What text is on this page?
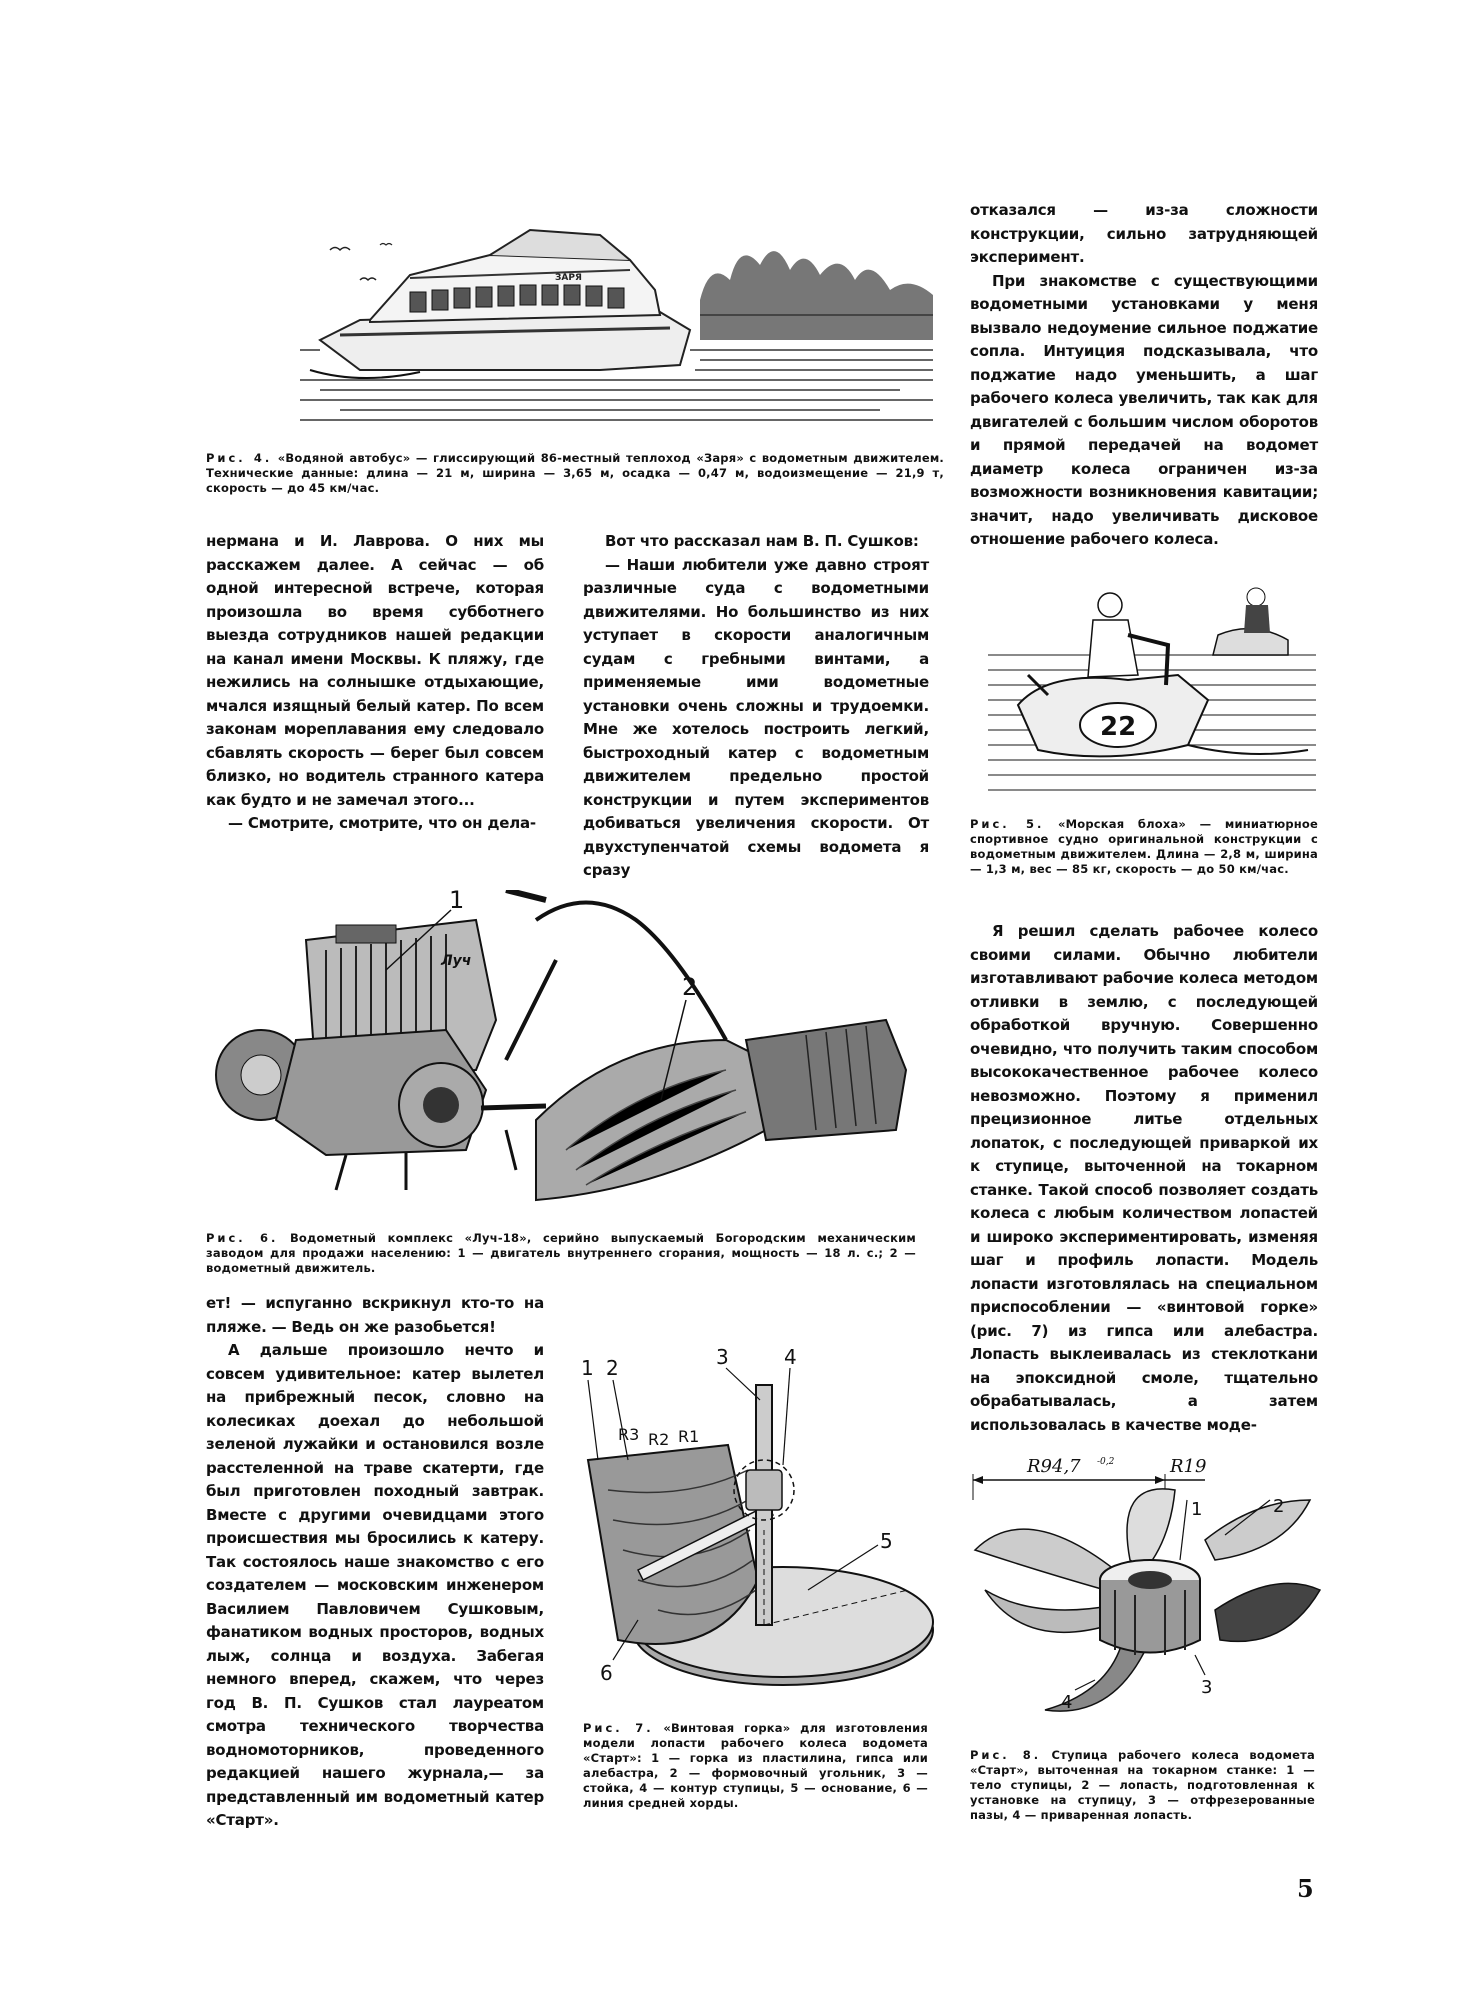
ЗАРЯ
Рис. 4. «Водяной автобус» — глиссирующий 86-местный теплоход «Заря» с водометным движителем. Технические данные: длина — 21 м, ширина — 3,65 м, осадка — 0,47 м, водоизмещение — 21,9 т, скорость — до 45 км/час.

нермана и И. Лаврова. О них мы расскажем далее. А сейчас — об одной интересной встрече, которая произошла во время субботнего выезда сотрудников нашей редакции на канал имени Москвы. К пляжу, где нежились на солнышке отдыхающие, мчался изящный белый катер. По всем законам мореплавания ему следовало сбавлять скорость — берег был совсем близко, но водитель странного катера как будто и не замечал этого...

— Смотрите, смотрите, что он дела-

Вот что рассказал нам В. П. Сушков:

— Наши любители уже давно строят различные суда с водометными движителями. Но большинство из них уступает в скорости аналогичным судам с гребными винтами, а применяемые ими водометные установки очень сложны и трудоемки. Мне же хотелось построить легкий, быстроходный катер с водометным движителем предельно простой конструкции и путем экспериментов добиваться увеличения скорости. От двухступенчатой схемы водомета я сразу

отказался — из-за сложности конструкции, сильно затрудняющей эксперимент.

При знакомстве с существующими водометными установками у меня вызвало недоумение сильное поджатие сопла. Интуиция подсказывала, что поджатие надо уменьшить, а шаг рабочего колеса увеличить, так как для двигателей с большим числом оборотов и прямой передачей на водомет диаметр колеса ограничен из-за возможности возникновения кавитации; значит, надо увеличивать дисковое отношение рабочего колеса.

22
Рис. 5. «Морская блоха» — миниатюрное спортивное судно оригинальной конструкции с водометным движителем. Длина — 2,8 м, ширина — 1,3 м, вес — 85 кг, скорость — до 50 км/час.
Луч
1
2
Рис. 6. Водометный комплекс «Луч-18», серийно выпускаемый Богородским механическим заводом для продажи населению: 1 — двигатель внутреннего сгорания, мощность — 18 л. с.; 2 — водометный движитель.

Я решил сделать рабочее колесо своими силами. Обычно любители изготавливают рабочие колеса методом отливки в землю, с последующей обработкой вручную. Совершенно очевидно, что получить таким способом высококачественное рабочее колесо невозможно. Поэтому я применил прецизионное литье отдельных лопаток, с последующей приваркой их к ступице, выточенной на токарном станке. Такой способ позволяет создать колеса с любым количеством лопастей и широко экспериментировать, изменяя шаг и профиль лопасти. Модель лопасти изготовлялась на специальном приспособлении — «винтовой горке» (рис. 7) из гипса или алебастра. Лопасть выклеивалась из стеклоткани на эпоксидной смоле, тщательно обрабатывалась, а затем использовалась в качестве моде-

ет! — испуганно вскрикнул кто-то на пляже. — Ведь он же разобьется!

А дальше произошло нечто и совсем удивительное: катер вылетел на прибрежный песок, словно на колесиках доехал до небольшой зеленой лужайки и остановился возле расстеленной на траве скатерти, где был приготовлен походный завтрак. Вместе с другими очевидцами этого происшествия мы бросились к катеру. Так состоялось наше знакомство с его создателем — московским инженером Василием Павловичем Сушковым, фанатиком водных просторов, водных лыж, солнца и воздуха. Забегая немного вперед, скажем, что через год В. П. Сушков стал лауреатом смотра технического творчества водномоторников, проведенного редакцией нашего журнала,— за представленный им водометный катер «Старт».

1 2	3	4
5
6
R3 R2 R1
Рис. 7. «Винтовая горка» для изготовления модели лопасти рабочего колеса водомета «Старт»: 1 — горка из пластилина, гипса или алебастра, 2 — формовочный угольник, 3 — стойка, 4 — контур ступицы, 5 — основание, 6 — линия средней хорды.
R94,7 -0,2	R19
1	2
3
4
Рис. 8. Ступица рабочего колеса водомета «Старт», выточенная на токарном станке: 1 — тело ступицы, 2 — лопасть, подготовленная к установке на ступицу, 3 — отфрезерованные пазы, 4 — приваренная лопасть.
5
